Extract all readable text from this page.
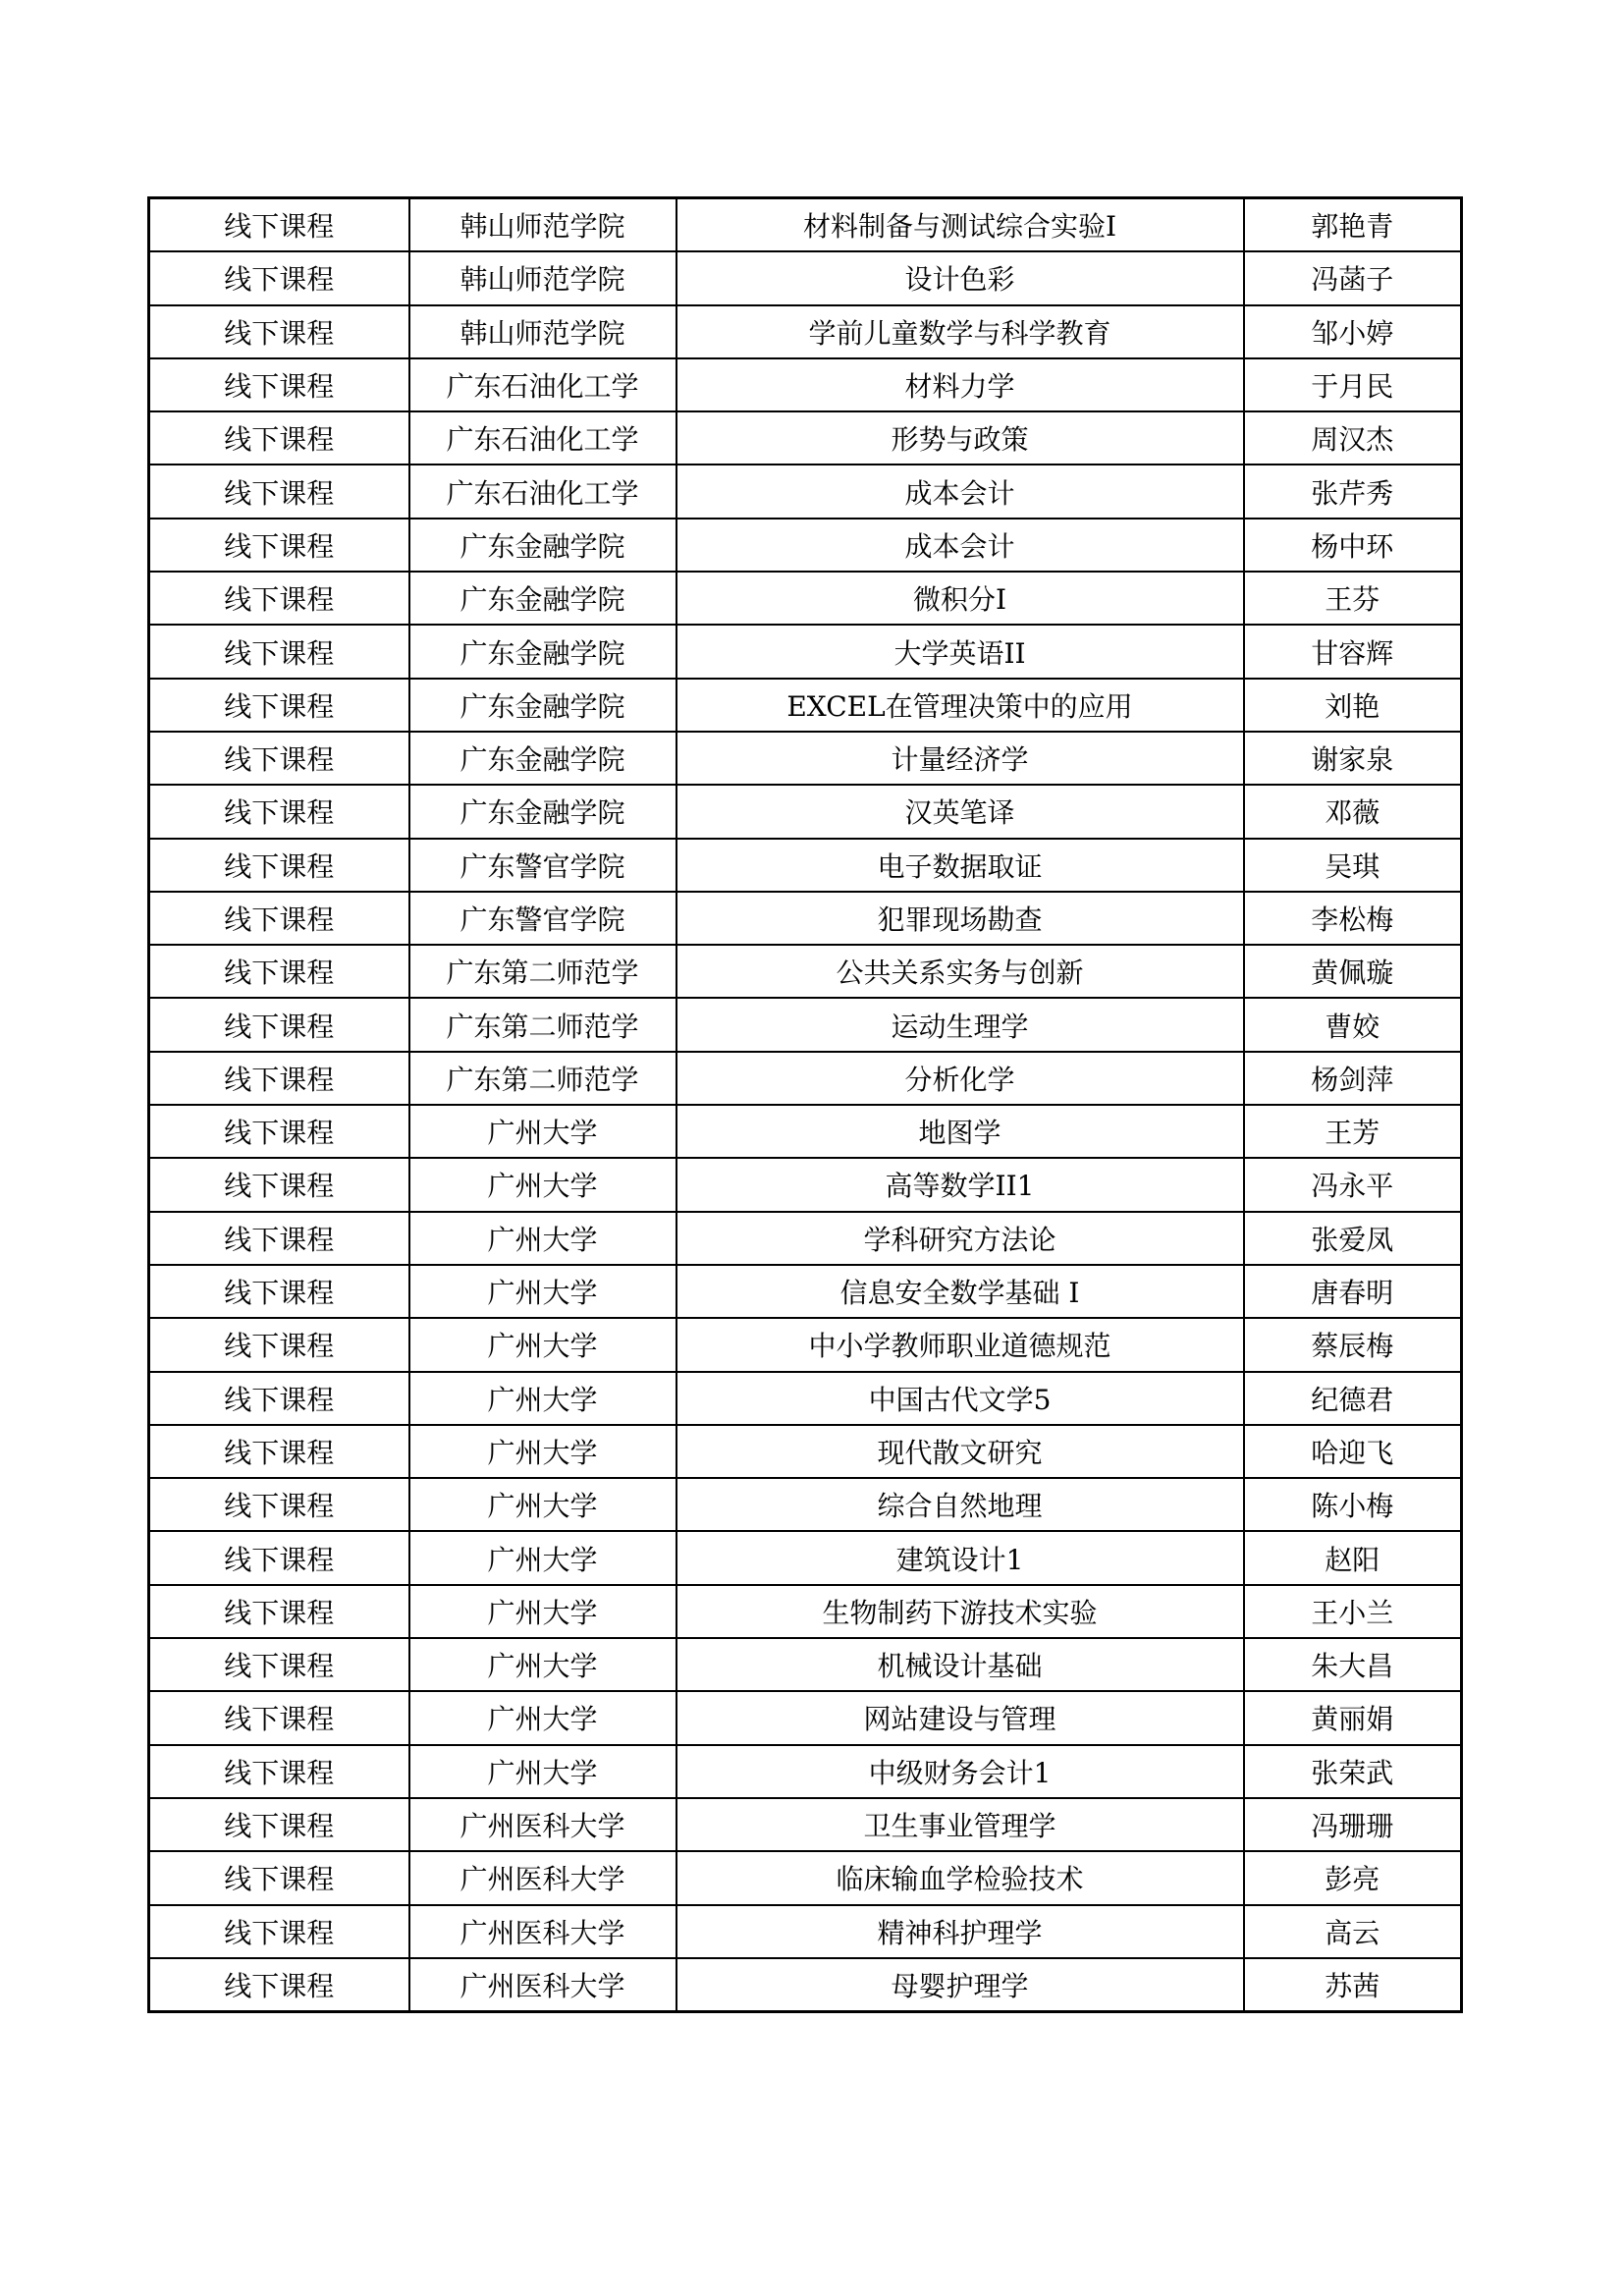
线下课程	韩山师范学院	材料制备与测试综合实验I	郭艳青
线下课程	韩山师范学院	设计色彩	冯菡子
线下课程	韩山师范学院	学前儿童数学与科学教育	邹小婷
线下课程	广东石油化工学	材料力学	于月民
线下课程	广东石油化工学	形势与政策	周汉杰
线下课程	广东石油化工学	成本会计	张芹秀
线下课程	广东金融学院	成本会计	杨中环
线下课程	广东金融学院	微积分I	王芬
线下课程	广东金融学院	大学英语II	甘容辉
线下课程	广东金融学院	EXCEL在管理决策中的应用	刘艳
线下课程	广东金融学院	计量经济学	谢家泉
线下课程	广东金融学院	汉英笔译	邓薇
线下课程	广东警官学院	电子数据取证	吴琪
线下课程	广东警官学院	犯罪现场勘查	李松梅
线下课程	广东第二师范学	公共关系实务与创新	黄佩璇
线下课程	广东第二师范学	运动生理学	曹姣
线下课程	广东第二师范学	分析化学	杨剑萍
线下课程	广州大学	地图学	王芳
线下课程	广州大学	高等数学II1	冯永平
线下课程	广州大学	学科研究方法论	张爱凤
线下课程	广州大学	信息安全数学基础 I	唐春明
线下课程	广州大学	中小学教师职业道德规范	蔡辰梅
线下课程	广州大学	中国古代文学5	纪德君
线下课程	广州大学	现代散文研究	哈迎飞
线下课程	广州大学	综合自然地理	陈小梅
线下课程	广州大学	建筑设计1	赵阳
线下课程	广州大学	生物制药下游技术实验	王小兰
线下课程	广州大学	机械设计基础	朱大昌
线下课程	广州大学	网站建设与管理	黄丽娟
线下课程	广州大学	中级财务会计1	张荣武
线下课程	广州医科大学	卫生事业管理学	冯珊珊
线下课程	广州医科大学	临床输血学检验技术	彭亮
线下课程	广州医科大学	精神科护理学	高云
线下课程	广州医科大学	母婴护理学	苏茜
